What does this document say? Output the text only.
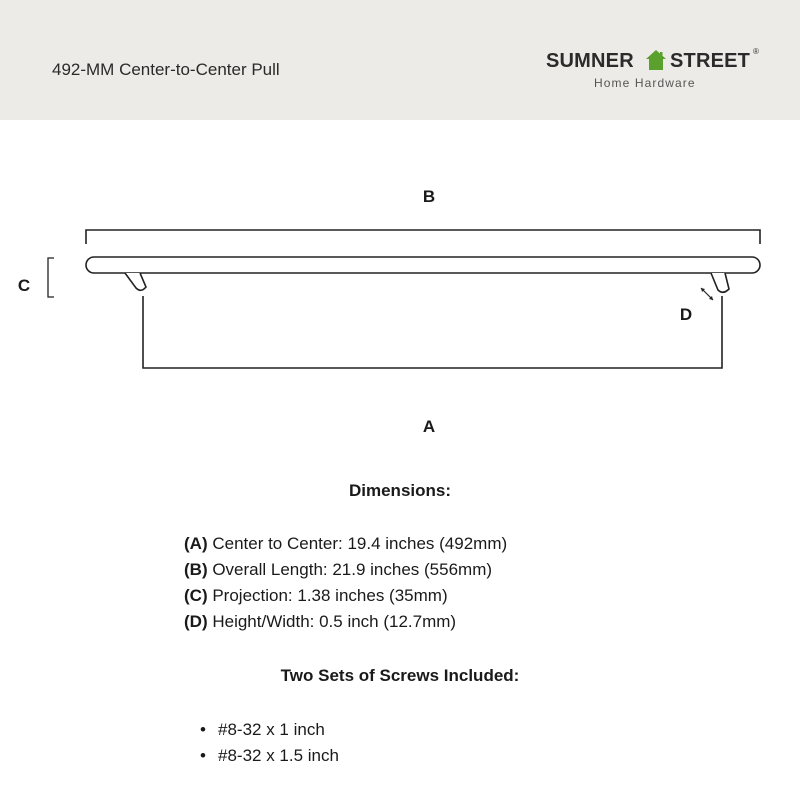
492-MM Center-to-Center Pull	SUMNER STREET ®
Home Hardware
B
C
D
A
Dimensions:
(A) Center to Center: 19.4 inches (492mm)
(B) Overall Length: 21.9 inches (556mm)
(C) Projection: 1.38 inches (35mm)
(D) Height/Width: 0.5 inch (12.7mm)
Two Sets of Screws Included:
• #8-32 x 1 inch
• #8-32 x 1.5 inch
